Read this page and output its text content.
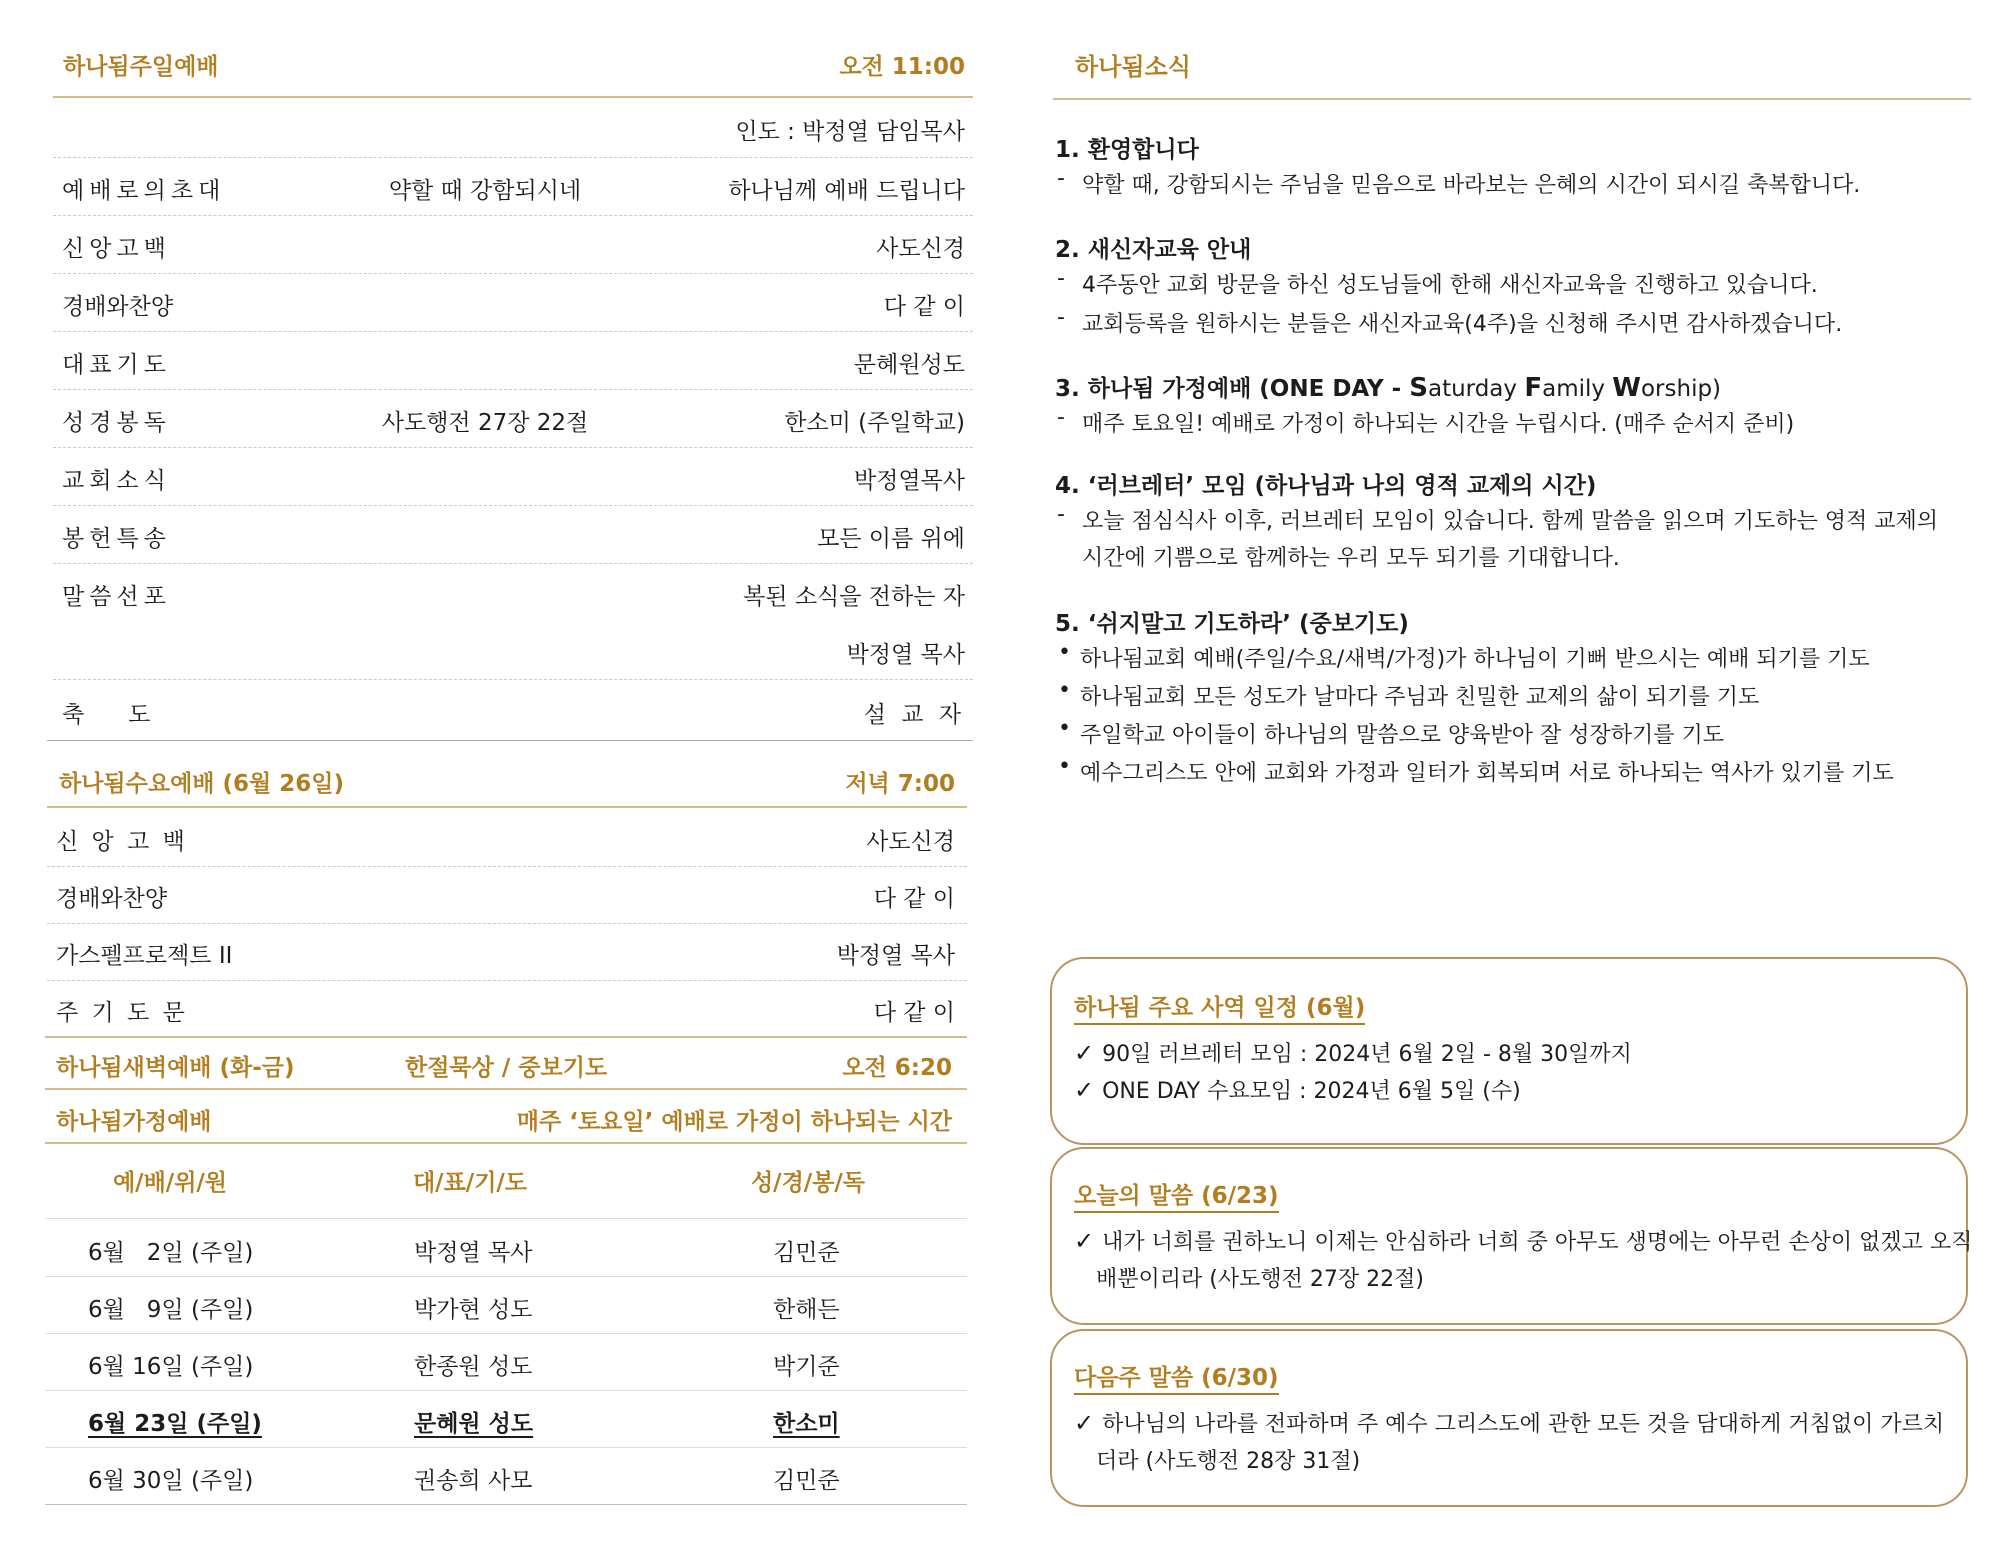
하나됨주일예배	오전 11:00
인도 : 박정열 담임목사
예배로의초대	약할 때 강함되시네	하나님께 예배 드립니다
신앙고백	사도신경
경배와찬양	다 같 이
대표기도	문혜원성도
성경봉독	사도행전 27장 22절	한소미 (주일학교)
교회소식	박정열목사
봉헌특송	모든 이름 위에
말씀선포	복된 소식을 전하는 자
박정열 목사
축      도	설 교 자
하나됨수요예배 (6월 26일)	저녁 7:00
신 앙 고 백	사도신경
경배와찬양	다 같 이
가스펠프로젝트 II	박정열 목사
주 기 도 문	다 같 이
하나됨새벽예배 (화-금)	한절묵상 / 중보기도	오전 6:20
하나됨가정예배	매주 ‘토요일’ 예배로 가정이 하나되는 시간
예/배/위/원	대/표/기/도	성/경/봉/독
6월   2일 (주일)	박정열 목사	김민준
6월   9일 (주일)	박가현 성도	한해든
6월 16일 (주일)	한종원 성도	박기준
6월 23일 (주일)	문혜원 성도	한소미
6월 30일 (주일)	권송희 사모	김민준
하나됨소식
1. 환영합니다
- 약할 때, 강함되시는 주님을 믿음으로 바라보는 은혜의 시간이 되시길 축복합니다.
2. 새신자교육 안내
- 4주동안 교회 방문을 하신 성도님들에 한해 새신자교육을 진행하고 있습니다.
- 교회등록을 원하시는 분들은 새신자교육(4주)을 신청해 주시면 감사하겠습니다.
3. 하나됨 가정예배 (ONE DAY - Saturday Family Worship)
- 매주 토요일! 예배로 가정이 하나되는 시간을 누립시다. (매주 순서지 준비)
4. ‘러브레터’ 모임 (하나님과 나의 영적 교제의 시간)
- 오늘 점심식사 이후, 러브레터 모임이 있습니다. 함께 말씀을 읽으며 기도하는 영적 교제의
시간에 기쁨으로 함께하는 우리 모두 되기를 기대합니다.
5. ‘쉬지말고 기도하라’ (중보기도)
• 하나됨교회 예배(주일/수요/새벽/가정)가 하나님이 기뻐 받으시는 예배 되기를 기도
• 하나됨교회 모든 성도가 날마다 주님과 친밀한 교제의 삶이 되기를 기도
• 주일학교 아이들이 하나님의 말씀으로 양육받아 잘 성장하기를 기도
• 예수그리스도 안에 교회와 가정과 일터가 회복되며 서로 하나되는 역사가 있기를 기도
하나됨 주요 사역 일정 (6월)
✓ 90일 러브레터 모임 : 2024년 6월 2일 - 8월 30일까지
✓ ONE DAY 수요모임 : 2024년 6월 5일 (수)
오늘의 말씀 (6/23)
✓ 내가 너희를 권하노니 이제는 안심하라 너희 중 아무도 생명에는 아무런 손상이 없겠고 오직
배뿐이리라 (사도행전 27장 22절)
다음주 말씀 (6/30)
✓ 하나님의 나라를 전파하며 주 예수 그리스도에 관한 모든 것을 담대하게 거침없이 가르치
더라 (사도행전 28장 31절)
